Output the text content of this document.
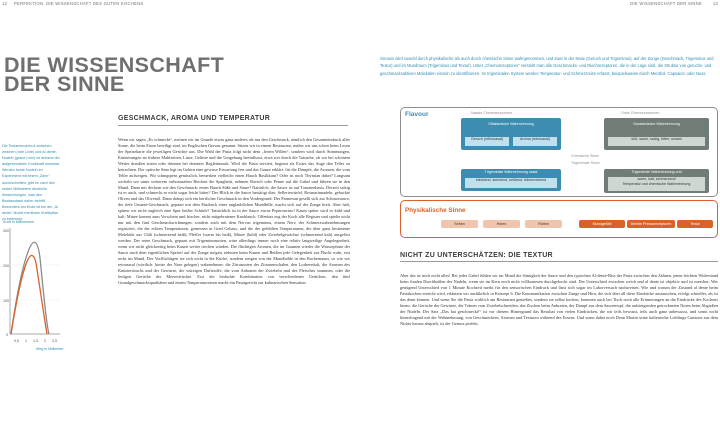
12 PERFEKTION. DIE WISSENSCHAFT DES GUTEN KOCHENS	DIE WISSENSCHAFT DER SINNE	13
DIE WISSENSCHAFT
DER SINNE
Die Textanimnachrol zwischen weichen (rote Linie) und Al dente-Nudeln (graue Linie) ist anhand der aufgewendeten Knobkraft messbar. Werden beide Nudeln im Experiment mit einem „Zahn“ durchschnitten, gibt es nach den ersten Millimetern deutliche Abweichungen, was den Bissfaustand daher betrifft. Besonders am Ende ist bei der „Al dente“-Nudel merkbare Kraftspitze zu erkennen.
Kraft in Millinewton
300
200
100
0
0,5 1 1,5 2 2,5
Weg in Millimeter
GESCHMACK, AROMA UND TEMPERATUR
Wenn wir sagen „Es schmeckt“, meinen wir im Grunde etwas ganz anderes als nur den Geschmack, nämlich den Gesamteindruck aller Sinne, die beim Essen beteiligt sind, im Englischen flavour genannt. Sitzen wir in einem Restaurant, malen wir uns schon beim Lesen der Speisekarte die jeweiligen Gerichte aus. Die Wahl der Pasta folgt nicht dem „freien Willen“, sondern wird durch Stimmungen, Erinnerungen an frühere Mahlzeiten, Lüste, Gelüste und die Umgebung beeinflusst, etwa wer durch die Tatsache, ob wir bei schönem Wetter draußen sitzen oder drinnen bei dezenter Begleitmusik. Wird die Pasta serviert, beginnt als Erstes das Auge den Teller zu betrachten. Der optische Sinn legt im Gehirn eine gewisse Erwartung fest und das Ganze erklärt: für die Dämpfe, die Aromen, die vom Teller aufsteigen. Wir schnuppern genüsslich, bemerken vielleicht einen Hauch Basilikum? Oder ist noch Thymian dabei? Langsam wickeln wir unter weiterem orthonasalem Riechen die Spaghetti, nehmen Ravioli oder Penne auf die Gabel und führen sie in den Mund. Dann mit deckern wir den Geschmack: einen Hauch Süße und Säure? Natürlich, die Sauce ist auf Tomatenbasis. Derzeit salzig ist es auch, und schmeckt es nicht sogar leicht bitter? Der Blick in die Sauce bestätigt dies: Selleriewürfel, Rosmarinnadeln, gehackte Oliven und das Olivenöl. Dann drängt sich ein herrlicher Geschmack in den Vordergrund: Der Parmesan gesellt sich zur Schmorsauce, der tiefe Umami-Geschmack, gepaart mit dem Eindruck einer unglaublichen Mundfülle, macht sich auf der Zunge breit. Aber halt, spüren wir nicht zugleich eine Spur heißer Schärfe? Tatsächlich ist in der Sauce etwas Peperoncino! Kaum spüter wird es kühl und kalt: Minze kommt zum Vorschein und frischer, nicht mitgebratener Knoblauch. Offenbar zog der Koch alle Register und spielte nicht nur mit den fünf Geschmacksrichtungen, sondern auch mit dem Nervus trigeminus, einem Nerv, der Schmerzwahrnehmungen registriert, die der echten Temperaturen, gemessen in Grad Celsius, und die der gefühlten Temperaturen, die über ganz bestimmte Moleküle aus Chili (schmerzend heiß), Pfeffer (warm bis heiß), Minze (kühl) oder Zwiebelgewächse (schmerzend kalt) ausgelöst werden. Der reine Geschmack, gepaart mit Trigeminusnoten, wäre allerdings immer noch eine relativ langweilige Angelegenheit, wenn wir nicht gleichzeitig beim Kauen weiter riechen würden. Die flüchtigen Aromen, die im Gaumen wieder die Wasserphase der Sauce nach dem eigentlichen Speisel auf der Zunge mögen, nehmen beim Kauen und Beißen jede Gelegenheit zur Flucht wahr, erst recht im Mund. Der Vorflüchtigen sie sich nicht in die Küche, sondern steigen von der Mundhöhle in den Rachenraum, so wie wir retronasal (wörtlich: hinter der Nase gelegen) wahrnehmen: die Zitrusnoten der Zitronenschalen, den Lorbeerduft, die Aromen des Knüstertstuchs und der Gewürze, die würzigen Duftstoffe, die vom Anbraten der Zwiebeln und des Fleisches stammen, oder die fettigen Gerüche der Meeresfrüchte. Erst die bedachte Kombination von verschiedenen Gerüchen, den fünf Grundgeschmacksqualitäten und einem Temperaturreizen macht ein Pastagericht zur kulinarischen Sensation.
Genuss wird sowohl durch physikalische als auch durch chemische Sinne wahrgenommen, und zwar in der Nase (Geruch und Trigeminus), auf der Zunge (Geschmack, Trigeminus und Textur) und im Mundraum (Trigeminus und Textur). Unter „Chemorezeptoren“ versteht man alle Geschmacks- und Riechrezeptoren, die in der Lage sind, die Struktur von geruchs- und geschmacksaktiven Molekülen einzeln zu identifizieren. Im trigeminalen System werden Temperatur- und Schmerzreize erfasst, beispielsweise durch Menthol, Capsaicin oder Nuss.
Flavour	Nasale Chemorezeptoren	Orale Chemorezeptoren
Olfaktorische Wahrnehmung
Geruch (orthonasal)	Aroma (retronasal)
Gustatorische Wahrnehmung
süß, sauer, salzig, bitter, umami
Chemische Sinne
Trigeminale Sinne
Trigeminale Wahrnehmung nasal
stechend, stechend, beißend, tränenreizend
Trigeminale Wahrnehmung oral
warm, kalt, schmerzend
Temperatur und chemische Wahrnehmung
Physikalische Sinne
Sehen	Hören	Fühlen	Mundgefühl	Direkte Pressorezeptoren	Textur
NICHT ZU UNTERSCHÄTZEN: DIE TEXTUR
Aber das ist noch nicht alles! Bei jeder Gabel fühlen wir im Mund die Sämigkeit der Sauce und den typischen Al-dente-Biss der Pasta zwischen den Zähnen, jenen leichten Widerstand beim finalen Durchbeißen der Nudeln, wenn sie im Kern noch nicht vollkommen durchgekocht sind. Der Unterschied zwischen weich und al dente ist objektiv und ist messbar: Wer genügend Unterschied von 1 Minute Kochzeit merkt für den sensorischen Eindruck und lässt sich sogar im Laborversuch nachweisen. Wie und warum der Zustand al dente beim Pastakochen erreicht wird, erläutern wir ausführlich in Konzept 6. Die Kommunikation zwischen Zunge und Hirn, die sich über all diese Eindrücke austauschen, erfolgt schneller, als ist das denn können. Und wenn Sie die Pasta wirklich am Restaurant genießen, sondern sie selbst kochen, kommen auch bei Tisch noch alle Erinnerungen an die Eindrücke des Kochens hinzu: die Gerüche der Gewürze, die Tränen vom Zwiebelschneiden, das Zischen beim Anbraten, der Dampf aus dem Saucentopf, die aufsteigenden getrockneten Noten beim Abgießen der Nudeln. Der Satz „Das hat geschmeckt!“ ist vor diesem Hintergrund das Resultat von vielen Eindrücken, die wir teils bewusst, teils auch ganz unbewusst, und somit nicht hinterfragend mit der Wahrnehmung, von Geschmäckern, Aromen und Texturen während des Essens. Und wenn dabei noch Dean Martin seine italienische Lieblings-Canzone aus dem Nichts heraus abspielt, ist der Genuss perfekt.
